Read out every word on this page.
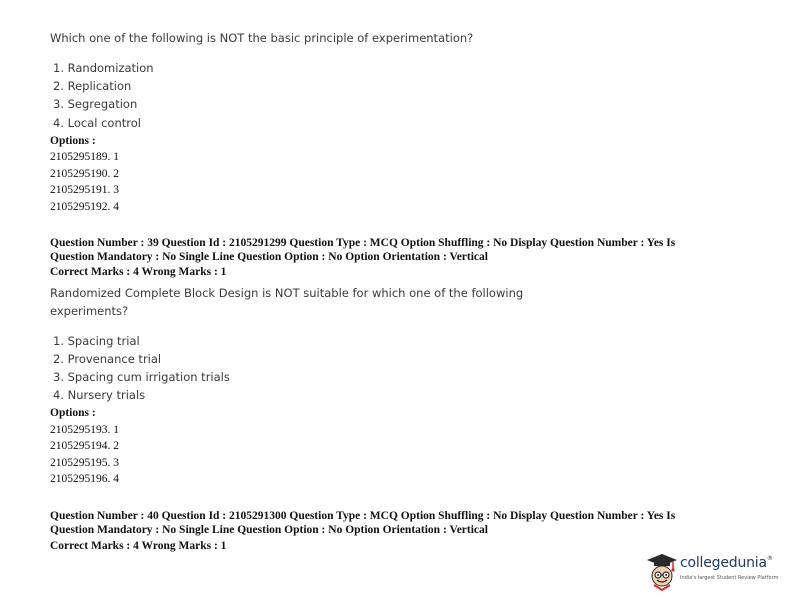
Which one of the following is NOT the basic principle of experimentation?
1. Randomization
2. Replication
3. Segregation
4. Local control
Options :
2105295189. 1
2105295190. 2
2105295191. 3
2105295192. 4
Question Number : 39 Question Id : 2105291299 Question Type : MCQ Option Shuffling : No Display Question Number : Yes Is
Question Mandatory : No Single Line Question Option : No Option Orientation : Vertical
Correct Marks : 4 Wrong Marks : 1
Randomized Complete Block Design is NOT suitable for which one of the following
experiments?
1. Spacing trial
2. Provenance trial
3. Spacing cum irrigation trials
4. Nursery trials
Options :
2105295193. 1
2105295194. 2
2105295195. 3
2105295196. 4
Question Number : 40 Question Id : 2105291300 Question Type : MCQ Option Shuffling : No Display Question Number : Yes Is
Question Mandatory : No Single Line Question Option : No Option Orientation : Vertical
Correct Marks : 4 Wrong Marks : 1
collegedunia®
India's largest Student Review Platform
